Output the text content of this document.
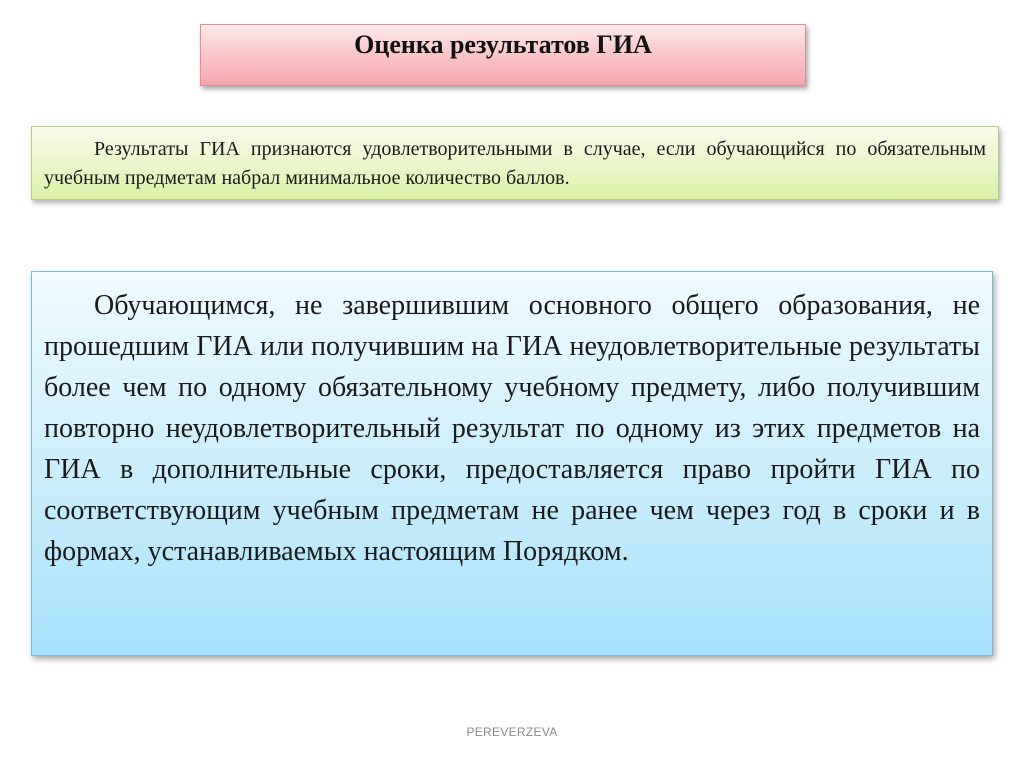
Оценка результатов ГИА

Результаты ГИА признаются удовлетворительными в случае, если обучающийся по обязательным учебным предметам набрал минимальное количество баллов.

Обучающимся, не завершившим основного общего образования, не прошедшим ГИА или получившим на ГИА неудовлетворительные результаты более чем по одному обязательному учебному предмету, либо получившим повторно неудовлетворительный результат по одному из этих предметов на ГИА в дополнительные сроки, предоставляется право пройти ГИА по соответствующим учебным предметам не ранее чем через год в сроки и в формах, устанавливаемых настоящим Порядком.

PEREVERZEVA
